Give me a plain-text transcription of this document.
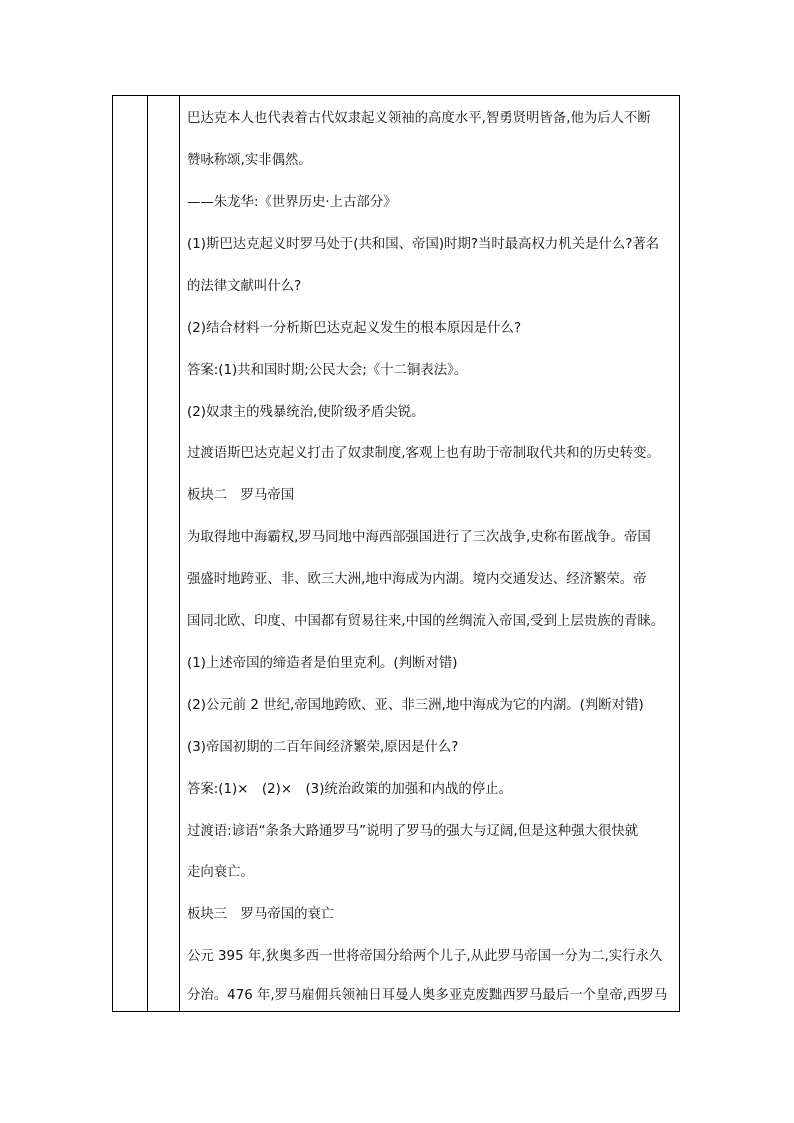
巴达克本人也代表着古代奴隶起义领袖的高度水平,智勇贤明皆备,他为后人不断
赞咏称颂,实非偶然。
——朱龙华:《世界历史·上古部分》
(1)斯巴达克起义时罗马处于(共和国、帝国)时期?当时最高权力机关是什么?著名
的法律文献叫什么?
(2)结合材料一分析斯巴达克起义发生的根本原因是什么?
答案:(1)共和国时期;公民大会;《十二铜表法》。
(2)奴隶主的残暴统治,使阶级矛盾尖锐。
过渡语斯巴达克起义打击了奴隶制度,客观上也有助于帝制取代共和的历史转变。
板块二　罗马帝国
为取得地中海霸权,罗马同地中海西部强国进行了三次战争,史称布匿战争。帝国
强盛时地跨亚、非、欧三大洲,地中海成为内湖。境内交通发达、经济繁荣。帝
国同北欧、印度、中国都有贸易往来,中国的丝绸流入帝国,受到上层贵族的青睐。
(1)上述帝国的缔造者是伯里克利。(判断对错)
(2)公元前 2 世纪,帝国地跨欧、亚、非三洲,地中海成为它的内湖。(判断对错)
(3)帝国初期的二百年间经济繁荣,原因是什么?
答案:(1)×　(2)×　(3)统治政策的加强和内战的停止。
过渡语:谚语“条条大路通罗马”说明了罗马的强大与辽阔,但是这种强大很快就
走向衰亡。
板块三　罗马帝国的衰亡
公元 395 年,狄奥多西一世将帝国分给两个儿子,从此罗马帝国一分为二,实行永久
分治。476 年,罗马雇佣兵领袖日耳曼人奥多亚克废黜西罗马最后一个皇帝,西罗马
